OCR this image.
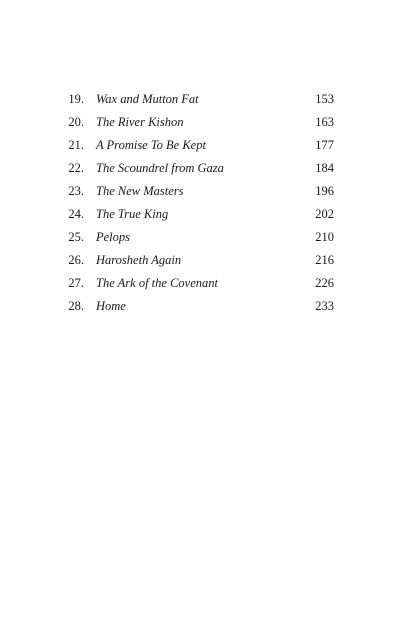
19. Wax and Mutton Fat	153
20. The River Kishon	163
21. A Promise To Be Kept	177
22. The Scoundrel from Gaza	184
23. The New Masters	196
24. The True King	202
25. Pelops	210
26. Harosheth Again	216
27. The Ark of the Covenant	226
28. Home	233
